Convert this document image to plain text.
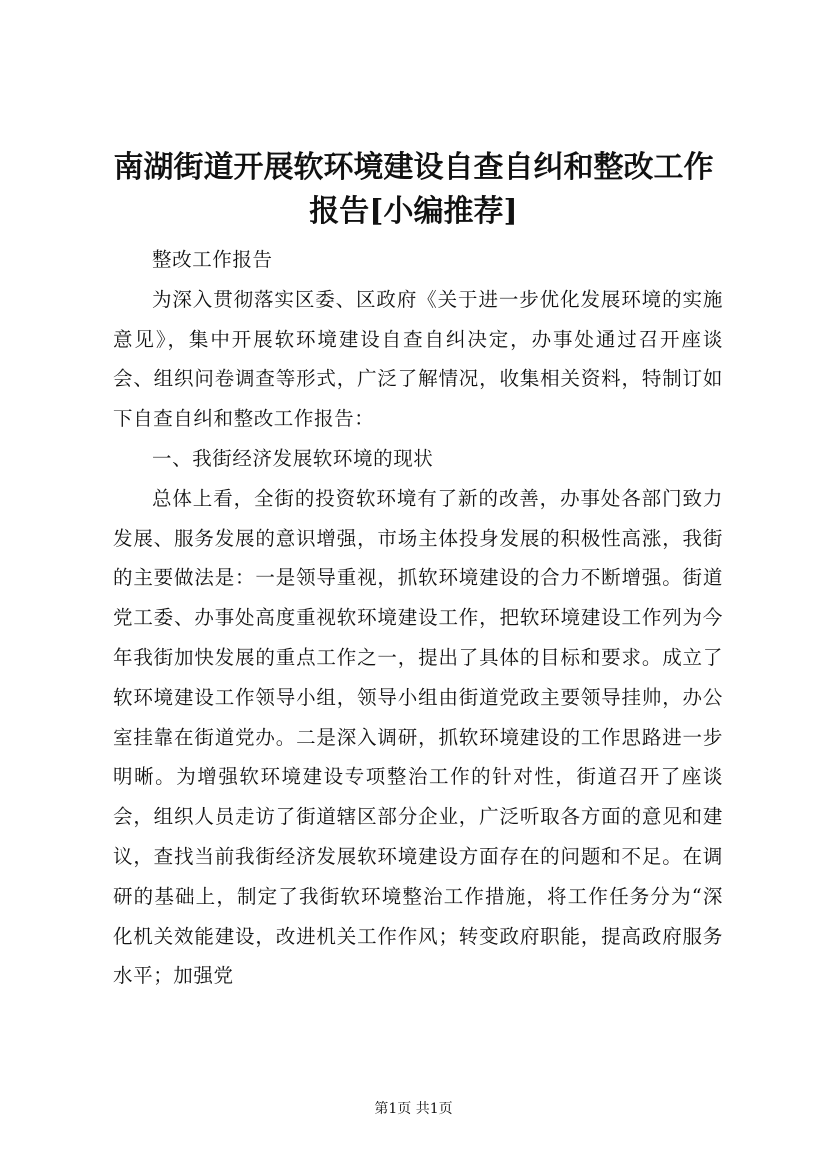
南湖街道开展软环境建设自查自纠和整改工作
报告[小编推荐]

整改工作报告

为深入贯彻落实区委、区政府《关于进一步优化发展环境的实施意见》，集中开展软环境建设自查自纠决定，办事处通过召开座谈会、组织问卷调查等形式，广泛了解情况，收集相关资料，特制订如下自查自纠和整改工作报告：

一、我街经济发展软环境的现状

总体上看，全街的投资软环境有了新的改善，办事处各部门致力发展、服务发展的意识增强，市场主体投身发展的积极性高涨，我街的主要做法是：一是领导重视，抓软环境建设的合力不断增强。街道党工委、办事处高度重视软环境建设工作，把软环境建设工作列为今年我街加快发展的重点工作之一，提出了具体的目标和要求。成立了软环境建设工作领导小组，领导小组由街道党政主要领导挂帅，办公室挂靠在街道党办。二是深入调研，抓软环境建设的工作思路进一步明晰。为增强软环境建设专项整治工作的针对性，街道召开了座谈会，组织人员走访了街道辖区部分企业，广泛听取各方面的意见和建议，查找当前我街经济发展软环境建设方面存在的问题和不足。在调研的基础上，制定了我街软环境整治工作措施，将工作任务分为“深化机关效能建设，改进机关工作作风；转变政府职能，提高政府服务水平；加强党

第1页 共1页
